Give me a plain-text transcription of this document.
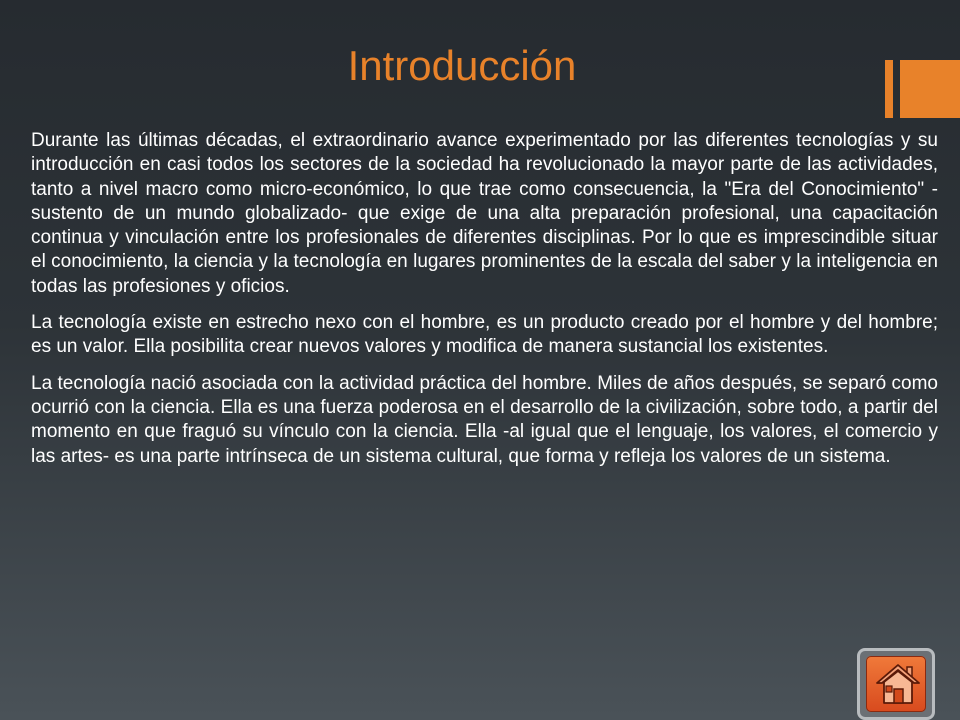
Introducción

Durante las últimas décadas, el extraordinario avance experimentado por las diferentes tecnologías y su introducción en casi todos los sectores de la sociedad ha revolucionado la mayor parte de las actividades, tanto a nivel macro como micro-económico, lo que trae como consecuencia, la "Era del Conocimiento" -sustento de un mundo globalizado- que exige de una alta preparación profesional, una capacitación continua y vinculación entre los profesionales de diferentes disciplinas. Por lo que es imprescindible situar el conocimiento, la ciencia y la tecnología en lugares prominentes de la escala del saber y la inteligencia en todas las profesiones y oficios.

La tecnología existe en estrecho nexo con el hombre, es un producto creado por el hombre y del hombre; es un valor. Ella posibilita crear nuevos valores y modifica de manera sustancial los existentes.

La tecnología nació asociada con la actividad práctica del hombre. Miles de años después, se separó como ocurrió con la ciencia. Ella es una fuerza poderosa en el desarrollo de la civilización, sobre todo, a partir del momento en que fraguó su vínculo con la ciencia. Ella -al igual que el lenguaje, los valores, el comercio y las artes- es una parte intrínseca de un sistema cultural, que forma y refleja los valores de un sistema.
